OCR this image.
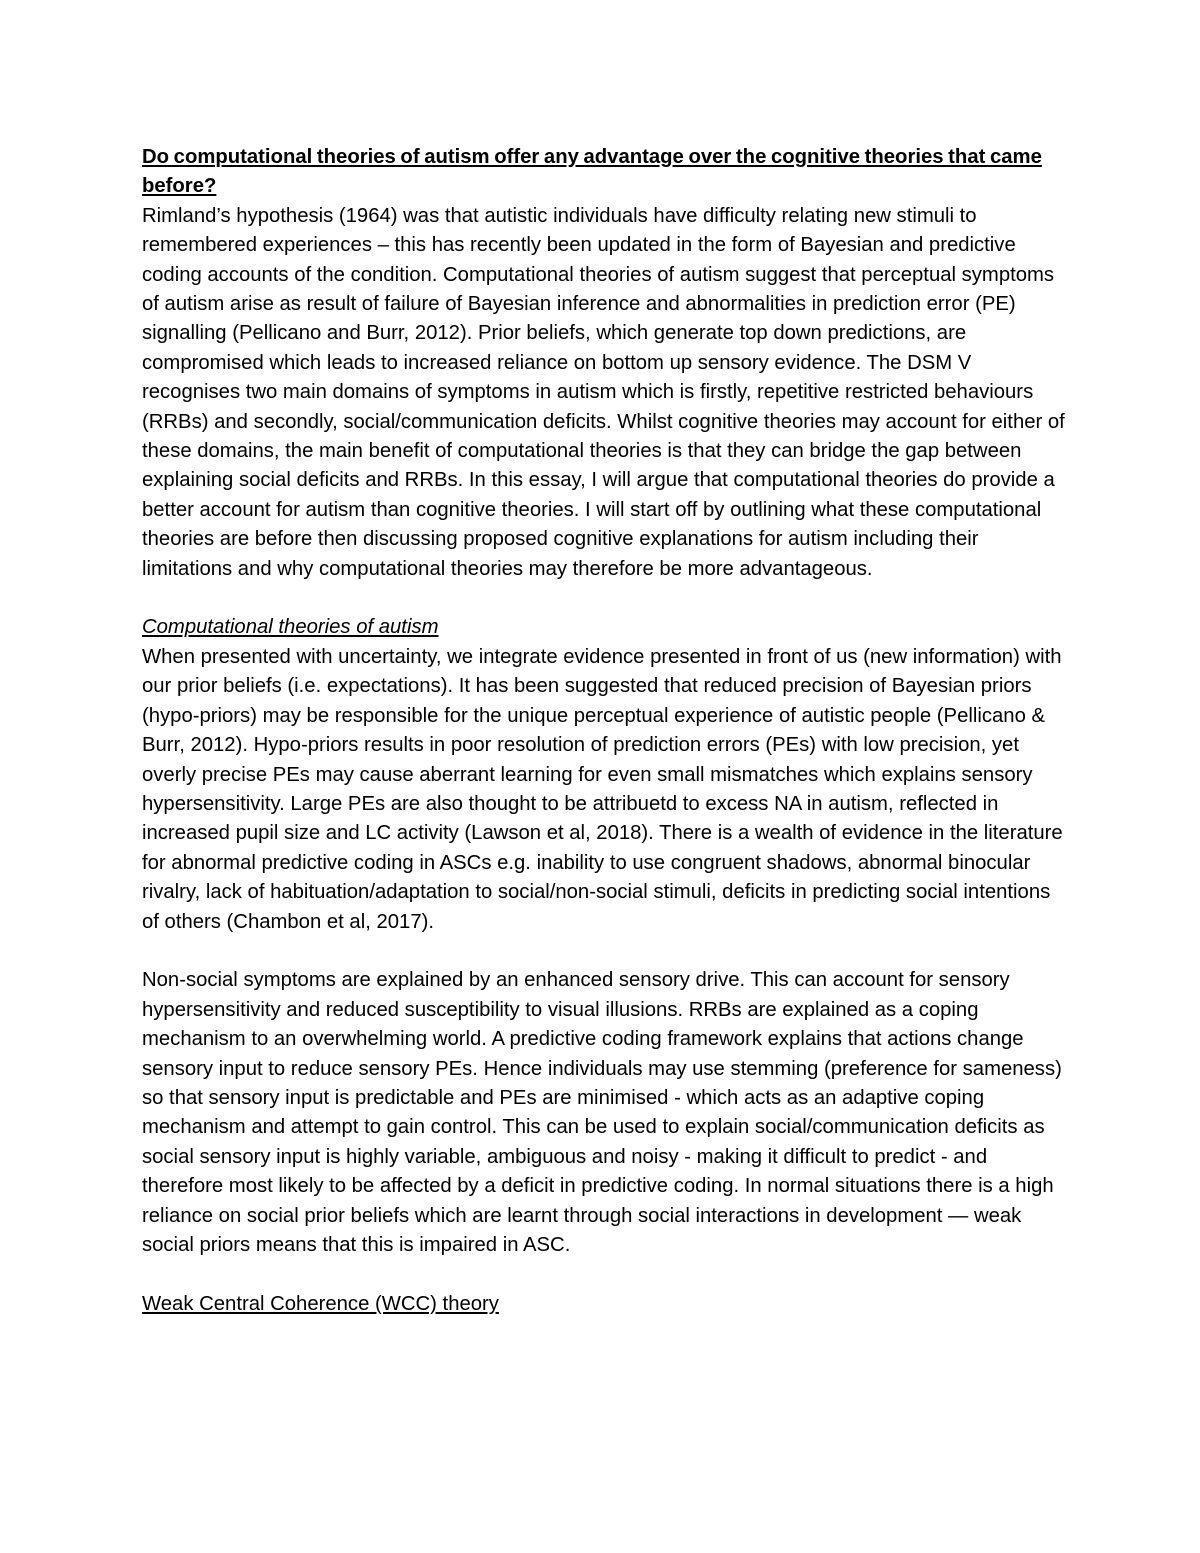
Do computational theories of autism offer any advantage over the cognitive theories that came before?

Rimland’s hypothesis (1964) was that autistic individuals have difficulty relating new stimuli to remembered experiences – this has recently been updated in the form of Bayesian and predictive coding accounts of the condition. Computational theories of autism suggest that perceptual symptoms of autism arise as result of failure of Bayesian inference and abnormalities in prediction error (PE) signalling (Pellicano and Burr, 2012). Prior beliefs, which generate top down predictions, are compromised which leads to increased reliance on bottom up sensory evidence. The DSM V recognises two main domains of symptoms in autism which is firstly, repetitive restricted behaviours (RRBs) and secondly, social/communication deficits. Whilst cognitive theories may account for either of these domains, the main benefit of computational theories is that they can bridge the gap between explaining social deficits and RRBs. In this essay, I will argue that computational theories do provide a better account for autism than cognitive theories. I will start off by outlining what these computational theories are before then discussing proposed cognitive explanations for autism including their limitations and why computational theories may therefore be more advantageous.

Computational theories of autism

When presented with uncertainty, we integrate evidence presented in front of us (new information) with our prior beliefs (i.e. expectations). It has been suggested that reduced precision of Bayesian priors (hypo-priors) may be responsible for the unique perceptual experience of autistic people (Pellicano & Burr, 2012). Hypo-priors results in poor resolution of prediction errors (PEs) with low precision, yet overly precise PEs may cause aberrant learning for even small mismatches which explains sensory hypersensitivity. Large PEs are also thought to be attribuetd to excess NA in autism, reflected in increased pupil size and LC activity (Lawson et al, 2018). There is a wealth of evidence in the literature for abnormal predictive coding in ASCs e.g. inability to use congruent shadows, abnormal binocular rivalry, lack of habituation/adaptation to social/non-social stimuli, deficits in predicting social intentions of others (Chambon et al, 2017).

Non-social symptoms are explained by an enhanced sensory drive. This can account for sensory hypersensitivity and reduced susceptibility to visual illusions. RRBs are explained as a coping mechanism to an overwhelming world. A predictive coding framework explains that actions change sensory input to reduce sensory PEs. Hence individuals may use stemming (preference for sameness) so that sensory input is predictable and PEs are minimised - which acts as an adaptive coping mechanism and attempt to gain control. This can be used to explain social/communication deficits as social sensory input is highly variable, ambiguous and noisy - making it difficult to predict - and therefore most likely to be affected by a deficit in predictive coding. In normal situations there is a high reliance on social prior beliefs which are learnt through social interactions in development — weak social priors means that this is impaired in ASC.

Weak Central Coherence (WCC) theory
